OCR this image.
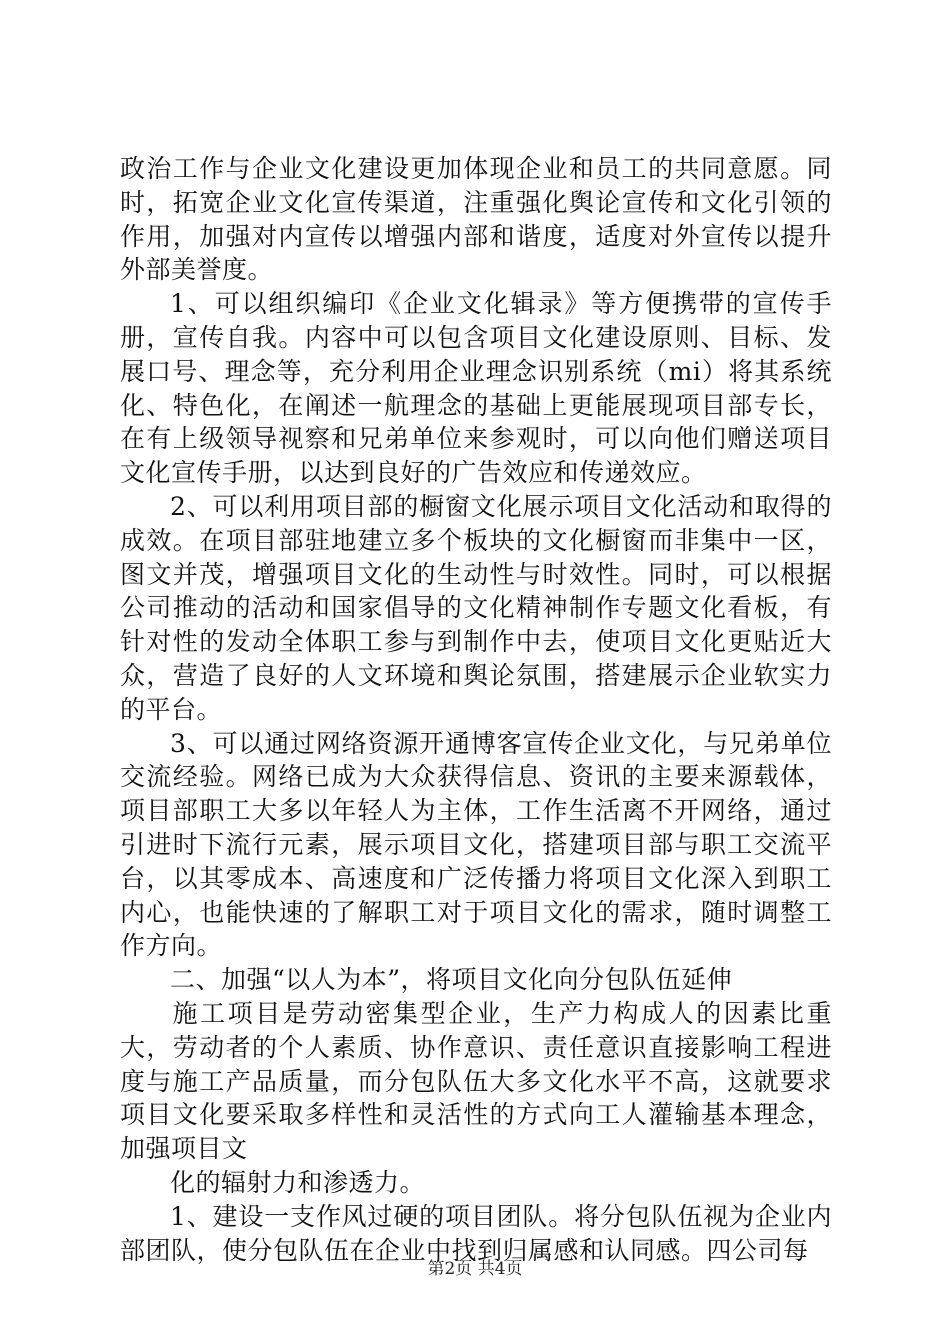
政治工作与企业文化建设更加体现企业和员工的共同意愿。同时，拓宽企业文化宣传渠道，注重强化舆论宣传和文化引领的作用，加强对内宣传以增强内部和谐度，适度对外宣传以提升外部美誉度。

1、可以组织编印《企业文化辑录》等方便携带的宣传手册，宣传自我。内容中可以包含项目文化建设原则、目标、发展口号、理念等，充分利用企业理念识别系统（mi）将其系统化、特色化，在阐述一航理念的基础上更能展现项目部专长，在有上级领导视察和兄弟单位来参观时，可以向他们赠送项目文化宣传手册，以达到良好的广告效应和传递效应。

2、可以利用项目部的橱窗文化展示项目文化活动和取得的成效。在项目部驻地建立多个板块的文化橱窗而非集中一区，图文并茂，增强项目文化的生动性与时效性。同时，可以根据公司推动的活动和国家倡导的文化精神制作专题文化看板，有针对性的发动全体职工参与到制作中去，使项目文化更贴近大众，营造了良好的人文环境和舆论氛围，搭建展示企业软实力的平台。

3、可以通过网络资源开通博客宣传企业文化，与兄弟单位交流经验。网络已成为大众获得信息、资讯的主要来源载体，项目部职工大多以年轻人为主体，工作生活离不开网络，通过引进时下流行元素，展示项目文化，搭建项目部与职工交流平台，以其零成本、高速度和广泛传播力将项目文化深入到职工内心，也能快速的了解职工对于项目文化的需求，随时调整工作方向。

二、加强“以人为本”，将项目文化向分包队伍延伸

施工项目是劳动密集型企业，生产力构成人的因素比重大，劳动者的个人素质、协作意识、责任意识直接影响工程进度与施工产品质量，而分包队伍大多文化水平不高，这就要求项目文化要采取多样性和灵活性的方式向工人灌输基本理念，加强项目文

化的辐射力和渗透力。

1、建设一支作风过硬的项目团队。将分包队伍视为企业内部团队，使分包队伍在企业中找到归属感和认同感。四公司每

第2页 共4页
